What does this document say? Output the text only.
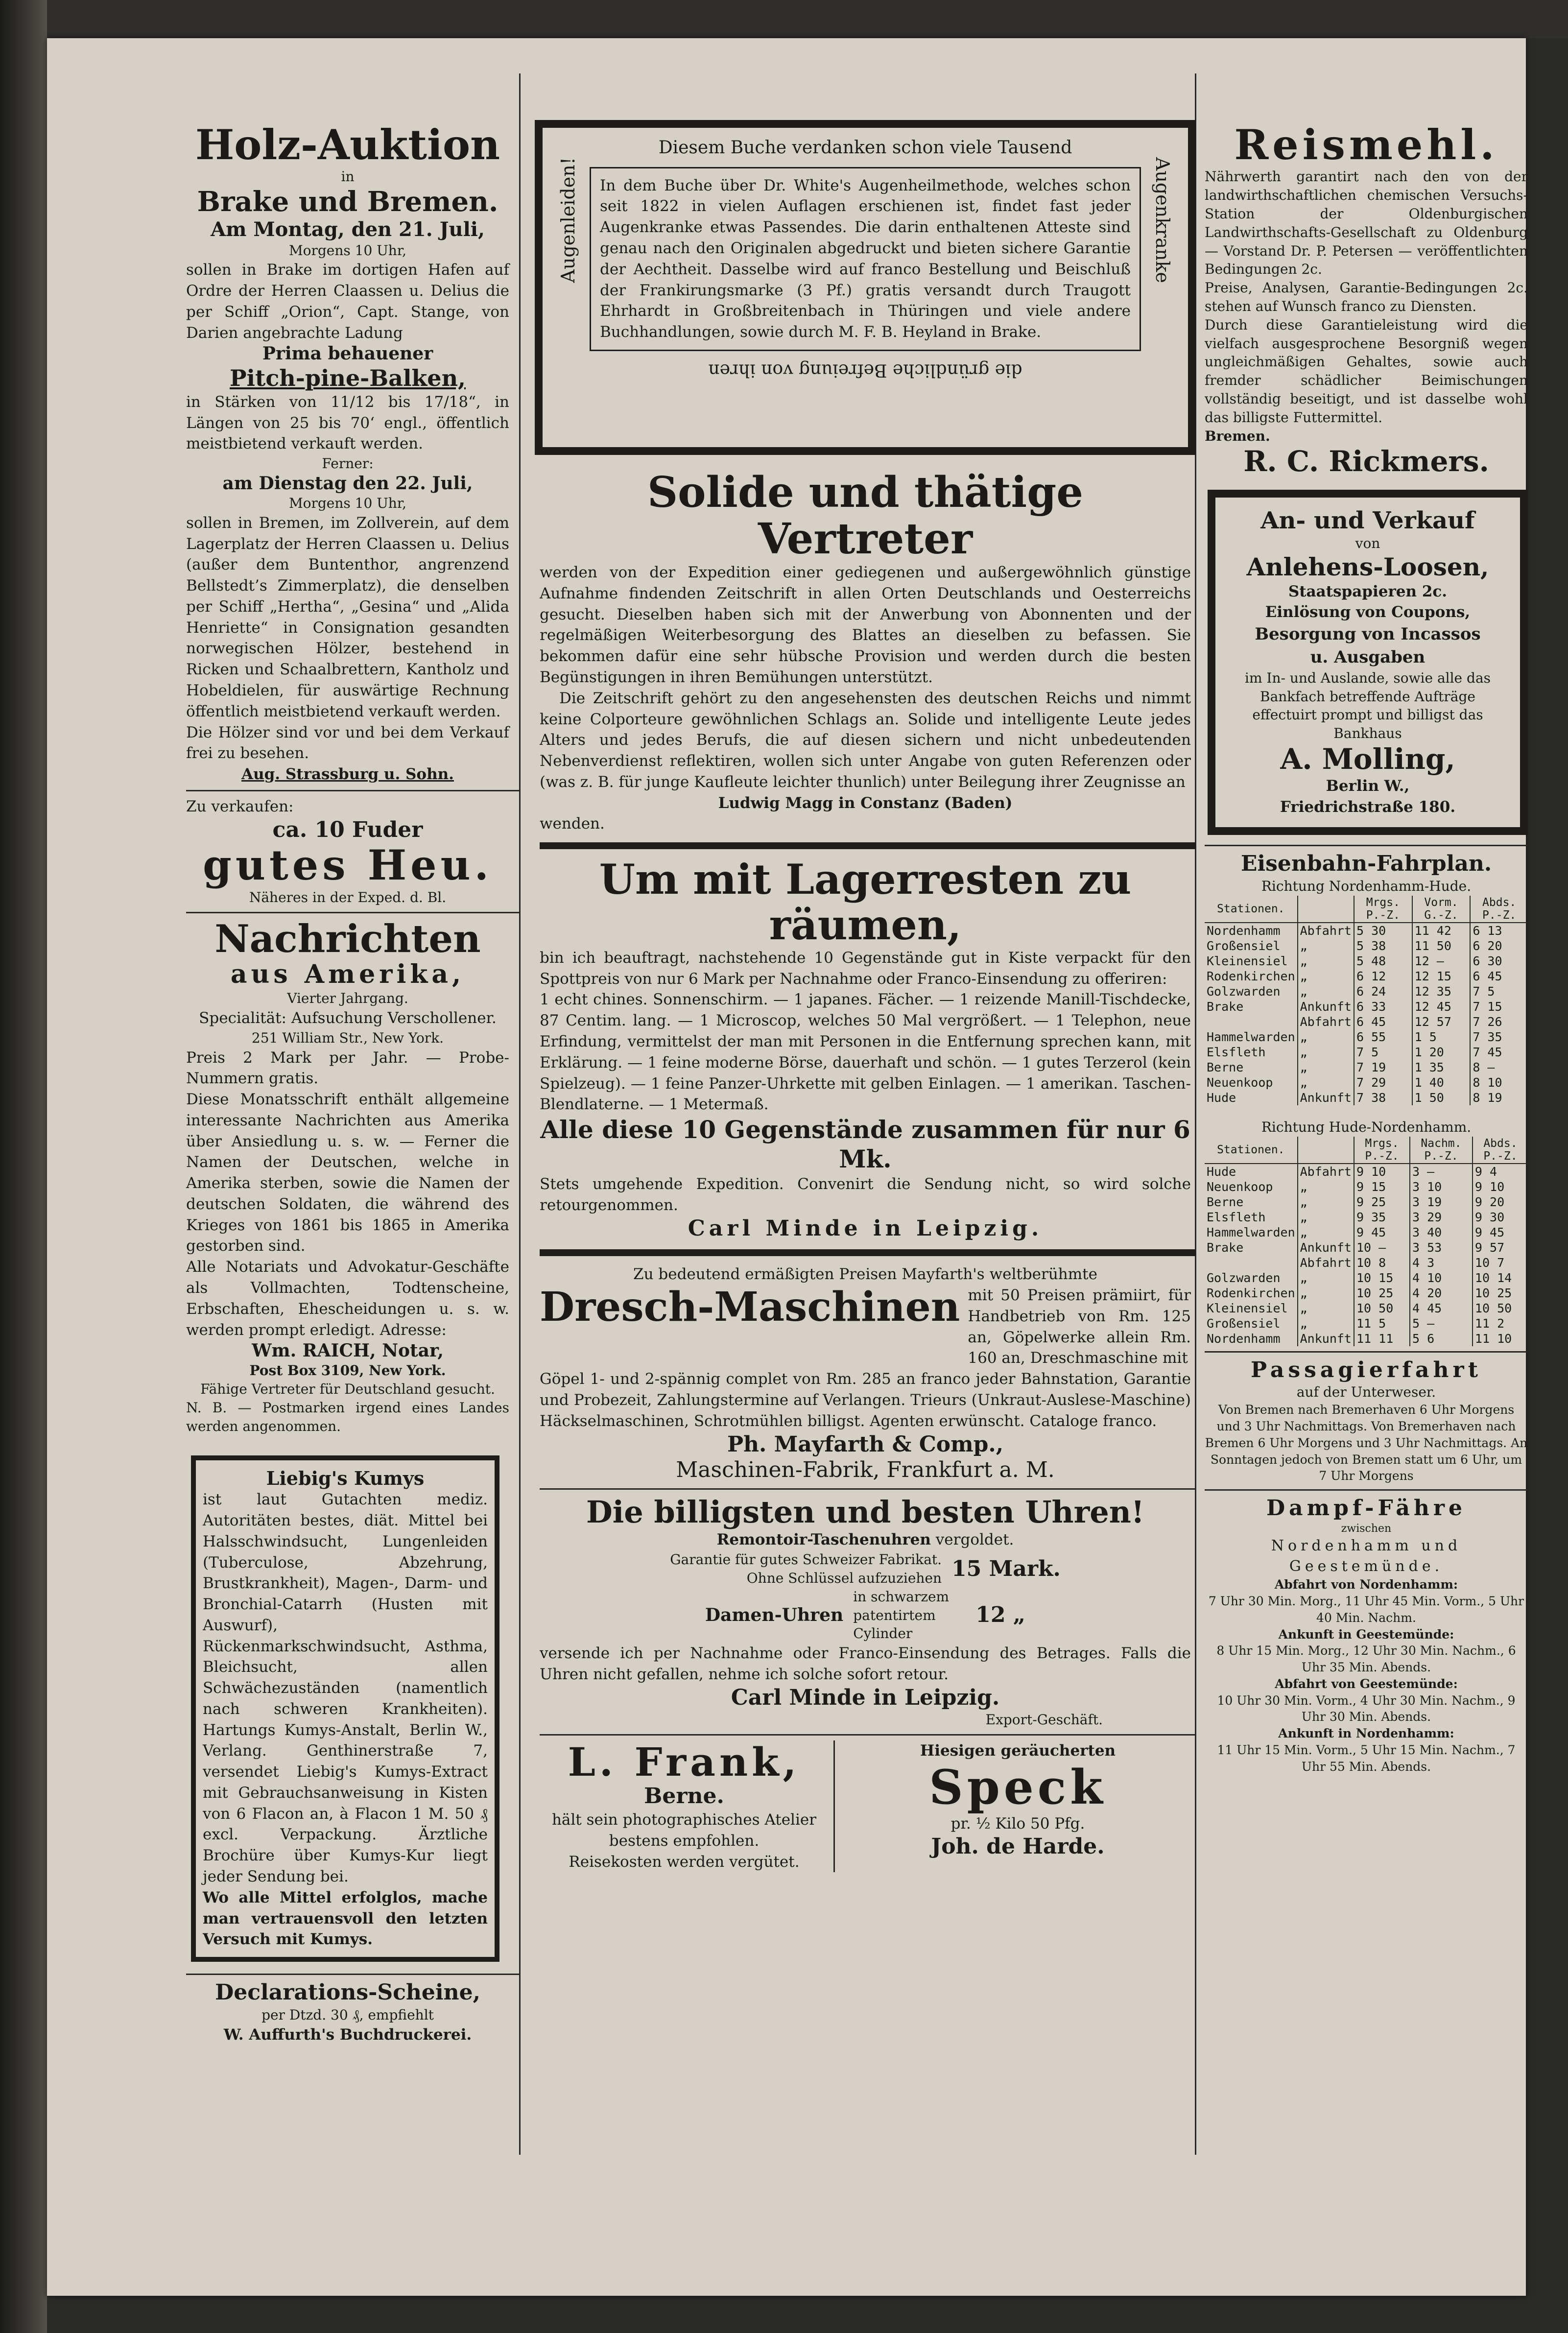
Holz-Auktion
in
Brake und Bremen.
Am Montag, den 21. Juli,
Morgens 10 Uhr,

sollen in Brake im dortigen Hafen auf Ordre der Herren Claassen u. Delius die per Schiff „Orion“, Capt. Stange, von Darien angebrachte Ladung

Prima behauener
Pitch-pine-Balken,

in Stärken von 11/12 bis 17/18“, in Längen von 25 bis 70‘ engl., öffentlich meistbietend verkauft werden.

Ferner:
am Dienstag den 22. Juli,
Morgens 10 Uhr,

sollen in Bremen, im Zollverein, auf dem Lagerplatz der Herren Claassen u. Delius (außer dem Buntenthor, angrenzend Bellstedt’s Zimmerplatz), die denselben per Schiff „Hertha“, „Gesina“ und „Alida Henriette“ in Consignation gesandten norwegischen Hölzer, bestehend in Ricken und Schaalbrettern, Kantholz und Hobeldielen, für auswärtige Rechnung öffentlich meistbietend verkauft werden.

Die Hölzer sind vor und bei dem Verkauf frei zu besehen.

Aug. Strassburg u. Sohn.
Zu verkaufen:
ca. 10 Fuder
gutes Heu.
Näheres in der Exped. d. Bl.
Nachrichten
aus Amerika,
Vierter Jahrgang.
Specialität: Aufsuchung Verschollener.
251 William Str., New York.

Preis 2 Mark per Jahr. — Probe-Nummern gratis.

Diese Monatsschrift enthält allgemeine interessante Nachrichten aus Amerika über Ansiedlung u. s. w. — Ferner die Namen der Deutschen, welche in Amerika sterben, sowie die Namen der deutschen Soldaten, die während des Krieges von 1861 bis 1865 in Amerika gestorben sind.

Alle Notariats und Advokatur-Geschäfte als Vollmachten, Todtenscheine, Erbschaften, Ehescheidungen u. s. w. werden prompt erledigt. Adresse:

Wm. RAICH, Notar,
Post Box 3109, New York.
Fähige Vertreter für Deutschland gesucht.

N. B. — Postmarken irgend eines Landes werden angenommen.

Liebig's Kumys

ist laut Gutachten mediz. Autoritäten bestes, diät. Mittel bei Halsschwindsucht, Lungenleiden (Tuberculose, Abzehrung, Brustkrankheit), Magen-, Darm- und Bronchial-Catarrh (Husten mit Auswurf), Rückenmarkschwindsucht, Asthma, Bleichsucht, allen Schwächezuständen (namentlich nach schweren Krankheiten). Hartungs Kumys-Anstalt, Berlin W., Verlang. Genthinerstraße 7, versendet Liebig's Kumys-Extract mit Gebrauchsanweisung in Kisten von 6 Flacon an, à Flacon 1 M. 50 ₰ excl. Verpackung. Ärztliche Brochüre über Kumys-Kur liegt jeder Sendung bei.

Wo alle Mittel erfolglos, mache man vertrauensvoll den letzten Versuch mit Kumys.

Declarations-Scheine,
per Dtzd. 30 ₰, empfiehlt
W. Auffurth's Buchdruckerei.
Diesem Buche verdanken schon viele Tausend
Augenleiden!	Augenkranke

In dem Buche über Dr. White's Augenheilmethode, welches schon seit 1822 in vielen Auflagen erschienen ist, findet fast jeder Augenkranke etwas Passendes. Die darin enthaltenen Atteste sind genau nach den Originalen abgedruckt und bieten sichere Garantie der Aechtheit. Dasselbe wird auf franco Bestellung und Beischluß der Frankirungsmarke (3 Pf.) gratis versandt durch Traugott Ehrhardt in Großbreitenbach in Thüringen und viele andere Buchhandlungen, sowie durch M. F. B. Heyland in Brake.

die gründliche Befreiung von ihren
Solide und thätige Vertreter

werden von der Expedition einer gediegenen und außergewöhnlich günstige Aufnahme findenden Zeitschrift in allen Orten Deutschlands und Oesterreichs gesucht. Dieselben haben sich mit der Anwerbung von Abonnenten und der regelmäßigen Weiterbesorgung des Blattes an dieselben zu befassen. Sie bekommen dafür eine sehr hübsche Provision und werden durch die besten Begünstigungen in ihren Bemühungen unterstützt.

Die Zeitschrift gehört zu den angesehensten des deutschen Reichs und nimmt keine Colporteure gewöhnlichen Schlags an. Solide und intelligente Leute jedes Alters und jedes Berufs, die auf diesen sichern und nicht unbedeutenden Nebenverdienst reflektiren, wollen sich unter Angabe von guten Referenzen oder (was z. B. für junge Kaufleute leichter thunlich) unter Beilegung ihrer Zeugnisse an

Ludwig Magg in Constanz (Baden)
wenden.
Um mit Lagerresten zu räumen,

bin ich beauftragt, nachstehende 10 Gegenstände gut in Kiste verpackt für den Spottpreis von nur 6 Mark per Nachnahme oder Franco-Einsendung zu offeriren:

1 echt chines. Sonnenschirm. — 1 japanes. Fächer. — 1 reizende Manill-Tischdecke, 87 Centim. lang. — 1 Microscop, welches 50 Mal vergrößert. — 1 Telephon, neue Erfindung, vermittelst der man mit Personen in die Entfernung sprechen kann, mit Erklärung. — 1 feine moderne Börse, dauerhaft und schön. — 1 gutes Terzerol (kein Spielzeug). — 1 feine Panzer-Uhrkette mit gelben Einlagen. — 1 amerikan. Taschen-Blendlaterne. — 1 Metermaß.

Alle diese 10 Gegenstände zusammen für nur 6 Mk.

Stets umgehende Expedition. Convenirt die Sendung nicht, so wird solche retourgenommen.

Carl Minde in Leipzig.
Zu bedeutend ermäßigten Preisen Mayfarth's weltberühmte
Dresch-Maschinen mit 50 Preisen prämiirt, für Handbetrieb von Rm. 125 an, Göpelwerke allein Rm. 160 an, Dreschmaschine mit

Göpel 1- und 2-spännig complet von Rm. 285 an franco jeder Bahnstation, Garantie und Probezeit, Zahlungstermine auf Verlangen. Trieurs (Unkraut-Auslese-Maschine) Häckselmaschinen, Schrotmühlen billigst. Agenten erwünscht. Cataloge franco.

Ph. Mayfarth & Comp.,
Maschinen-Fabrik, Frankfurt a. M.
Die billigsten und besten Uhren!
Remontoir-Taschenuhren vergoldet.
Garantie für gutes Schweizer Fabrikat.
Ohne Schlüssel aufzuziehen 15 Mark.
Damen-Uhren
in schwarzem patentirtem Cylinder
12 „

versende ich per Nachnahme oder Franco-Einsendung des Betrages. Falls die Uhren nicht gefallen, nehme ich solche sofort retour.

Carl Minde in Leipzig.
Export-Geschäft.
L. Frank,
Berne.
hält sein photographisches Atelier bestens empfohlen.
Reisekosten werden vergütet.
Hiesigen geräucherten
Speck
pr. ½ Kilo 50 Pfg.
Joh. de Harde.
Reismehl.

Nährwerth garantirt nach den von der landwirthschaftlichen chemischen Versuchs-Station der Oldenburgischen Landwirthschafts-Gesellschaft zu Oldenburg — Vorstand Dr. P. Petersen — veröffentlichten Bedingungen 2c.

Preise, Analysen, Garantie-Bedingungen 2c. stehen auf Wunsch franco zu Diensten.

Durch diese Garantieleistung wird die vielfach ausgesprochene Besorgniß wegen ungleichmäßigen Gehaltes, sowie auch fremder schädlicher Beimischungen vollständig beseitigt, und ist dasselbe wohl das billigste Futtermittel.

Bremen.
R. C. Rickmers.
An- und Verkauf
von
Anlehens-Loosen,
Staatspapieren 2c.
Einlösung von Coupons,
Besorgung von Incassos
u. Ausgaben

im In- und Auslande, sowie alle das Bankfach betreffende Aufträge effectuirt prompt und billigst das Bankhaus

A. Molling,
Berlin W.,
Friedrichstraße 180.
Eisenbahn-Fahrplan.
Richtung Nordenhamm-Hude.
Stationen.		Mrgs. P.-Z.	Vorm. G.-Z.	Abds. P.-Z.
Nordenhamm	Abfahrt	5 30	11 42	6 13
Großensiel	„	5 38	11 50	6 20
Kleinensiel	„	5 48	12 —	6 30
Rodenkirchen	„	6 12	12 15	6 45
Golzwarden	„	6 24	12 35	7 5
Brake	Ankunft	6 33	12 45	7 15
	Abfahrt	6 45	12 57	7 26
Hammelwarden	„	6 55	1 5	7 35
Elsfleth	„	7 5	1 20	7 45
Berne	„	7 19	1 35	8 —
Neuenkoop	„	7 29	1 40	8 10
Hude	Ankunft	7 38	1 50	8 19
Richtung Hude-Nordenhamm.
Stationen.		Mrgs. P.-Z.	Nachm. P.-Z.	Abds. P.-Z.
Hude	Abfahrt	9 10	3 —	9 4
Neuenkoop	„	9 15	3 10	9 10
Berne	„	9 25	3 19	9 20
Elsfleth	„	9 35	3 29	9 30
Hammelwarden	„	9 45	3 40	9 45
Brake	Ankunft	10 —	3 53	9 57
	Abfahrt	10 8	4 3	10 7
Golzwarden	„	10 15	4 10	10 14
Rodenkirchen	„	10 25	4 20	10 25
Kleinensiel	„	10 50	4 45	10 50
Großensiel	„	11 5	5 —	11 2
Nordenhamm	Ankunft	11 11	5 6	11 10
Passagierfahrt
auf der Unterweser.

Von Bremen nach Bremerhaven 6 Uhr Morgens und 3 Uhr Nachmittags. Von Bremerhaven nach Bremen 6 Uhr Morgens und 3 Uhr Nachmittags. An Sonntagen jedoch von Bremen statt um 6 Uhr, um 7 Uhr Morgens

Dampf-Fähre
zwischen
Nordenhamm und Geestemünde.
Abfahrt von Nordenhamm:
7 Uhr 30 Min. Morg., 11 Uhr 45 Min. Vorm., 5 Uhr 40 Min. Nachm.
Ankunft in Geestemünde:
8 Uhr 15 Min. Morg., 12 Uhr 30 Min. Nachm., 6 Uhr 35 Min. Abends.
Abfahrt von Geestemünde:
10 Uhr 30 Min. Vorm., 4 Uhr 30 Min. Nachm., 9 Uhr 30 Min. Abends.
Ankunft in Nordenhamm:
11 Uhr 15 Min. Vorm., 5 Uhr 15 Min. Nachm., 7 Uhr 55 Min. Abends.
